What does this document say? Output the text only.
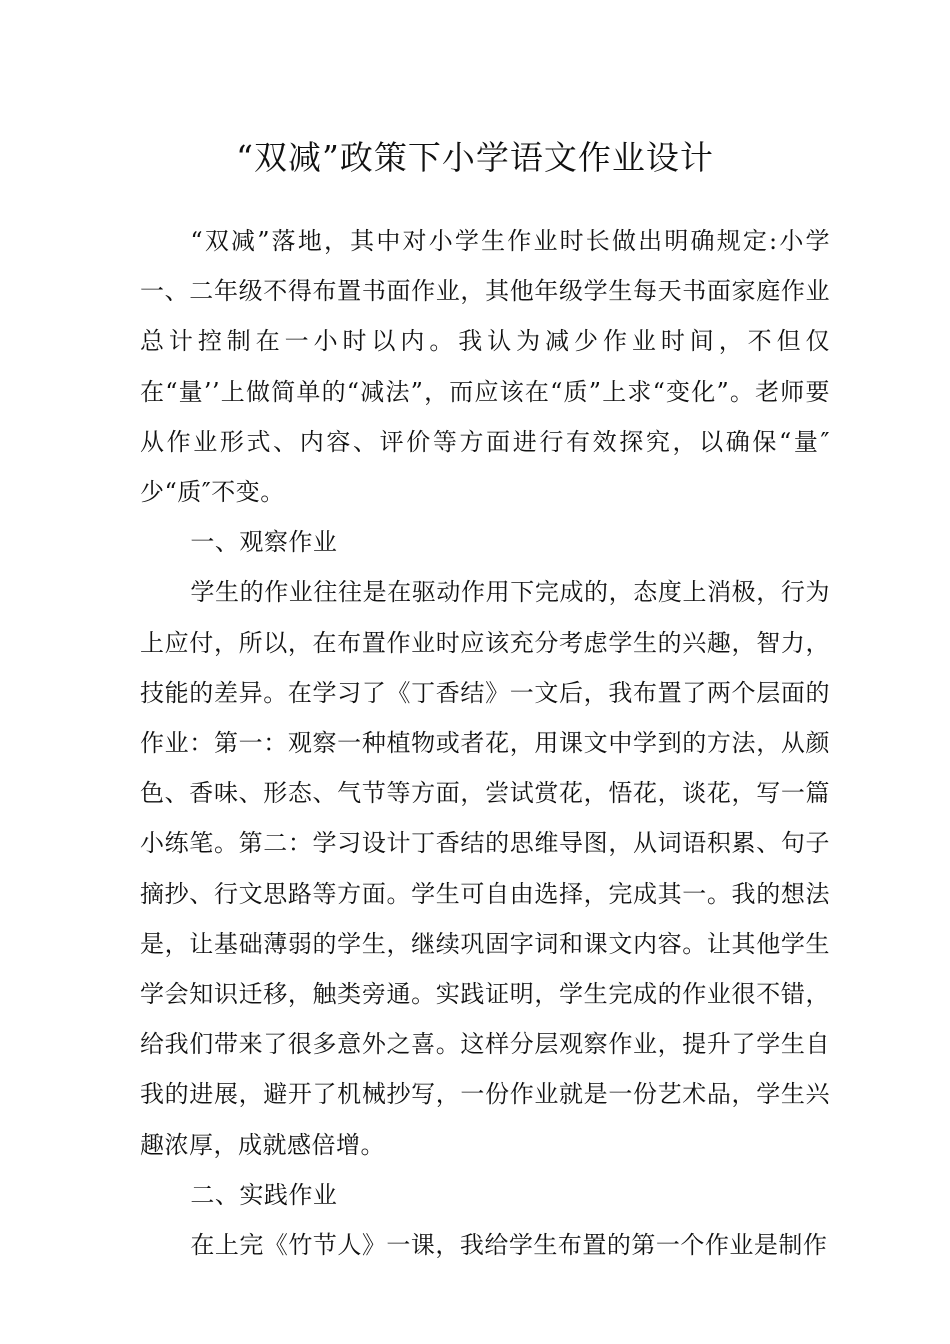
“双减”政策下小学语文作业设计

“双减”落地，其中对小学生作业时长做出明确规定:小学一、二年级不得布置书面作业，其他年级学生每天书面家庭作业总计控制在一小时以内。我认为减少作业时间，不但仅在“量’’上做简单的“减法”，而应该在“质”上求“变化”。老师要从作业形式、内容、评价等方面进行有效探究，以确保“量″少“质″不变。

一、观察作业

学生的作业往往是在驱动作用下完成的，态度上消极，行为上应付，所以，在布置作业时应该充分考虑学生的兴趣，智力，技能的差异。在学习了《丁香结》一文后，我布置了两个层面的作业：第一：观察一种植物或者花，用课文中学到的方法，从颜色、香味、形态、气节等方面，尝试赏花，悟花，谈花，写一篇小练笔。第二：学习设计丁香结的思维导图，从词语积累、句子摘抄、行文思路等方面。学生可自由选择，完成其一。我的想法是，让基础薄弱的学生，继续巩固字词和课文内容。让其他学生学会知识迁移，触类旁通。实践证明，学生完成的作业很不错，给我们带来了很多意外之喜。这样分层观察作业，提升了学生自我的进展，避开了机械抄写，一份作业就是一份艺术品，学生兴趣浓厚，成就感倍增。

二、实践作业

在上完《竹节人》一课，我给学生布置的第一个作业是制作
